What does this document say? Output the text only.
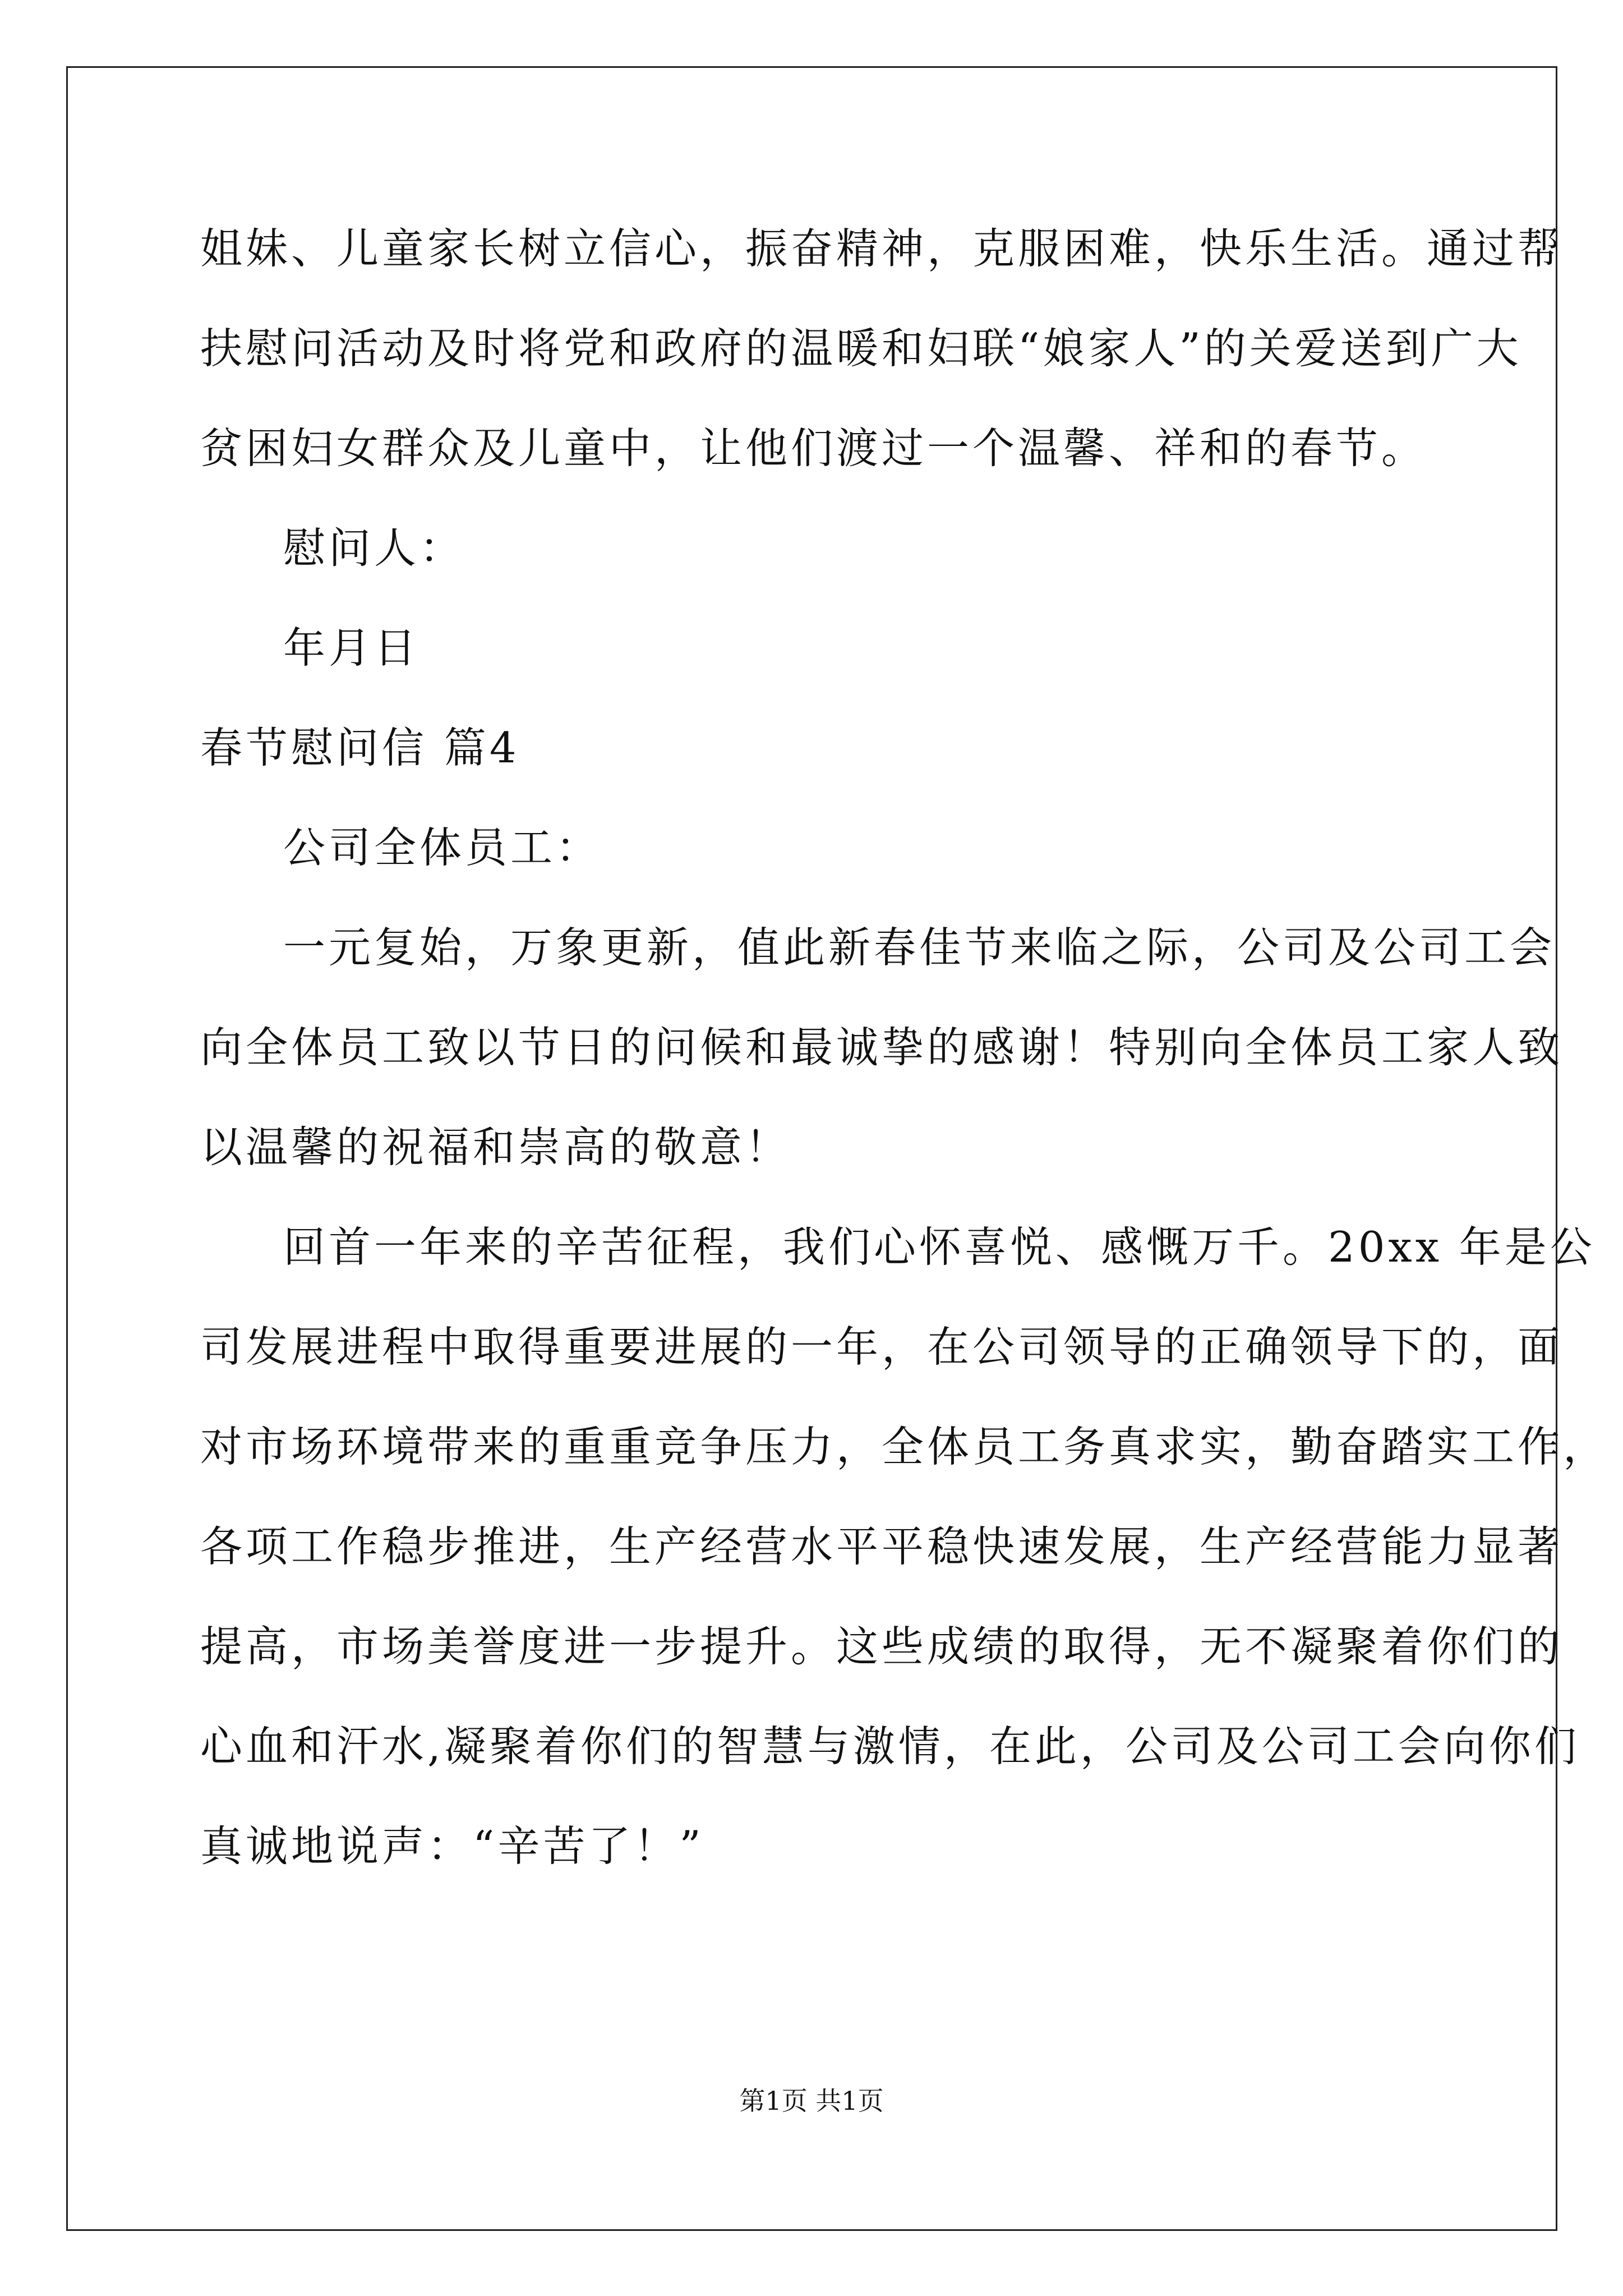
姐妹、儿童家长树立信心，振奋精神，克服困难，快乐生活。通过帮
扶慰问活动及时将党和政府的温暖和妇联“娘家人”的关爱送到广大
贫困妇女群众及儿童中，让他们渡过一个温馨、祥和的春节。
慰问人：
年月日
春节慰问信 篇4
公司全体员工：
一元复始，万象更新，值此新春佳节来临之际，公司及公司工会
向全体员工致以节日的问候和最诚挚的感谢！特别向全体员工家人致
以温馨的祝福和崇高的敬意！
回首一年来的辛苦征程，我们心怀喜悦、感慨万千。20xx 年是公
司发展进程中取得重要进展的一年，在公司领导的正确领导下的，面
对市场环境带来的重重竞争压力，全体员工务真求实，勤奋踏实工作，
各项工作稳步推进，生产经营水平平稳快速发展，生产经营能力显著
提高，市场美誉度进一步提升。这些成绩的取得，无不凝聚着你们的
心血和汗水,凝聚着你们的智慧与激情，在此，公司及公司工会向你们
真诚地说声：“辛苦了！”
第1页 共1页
